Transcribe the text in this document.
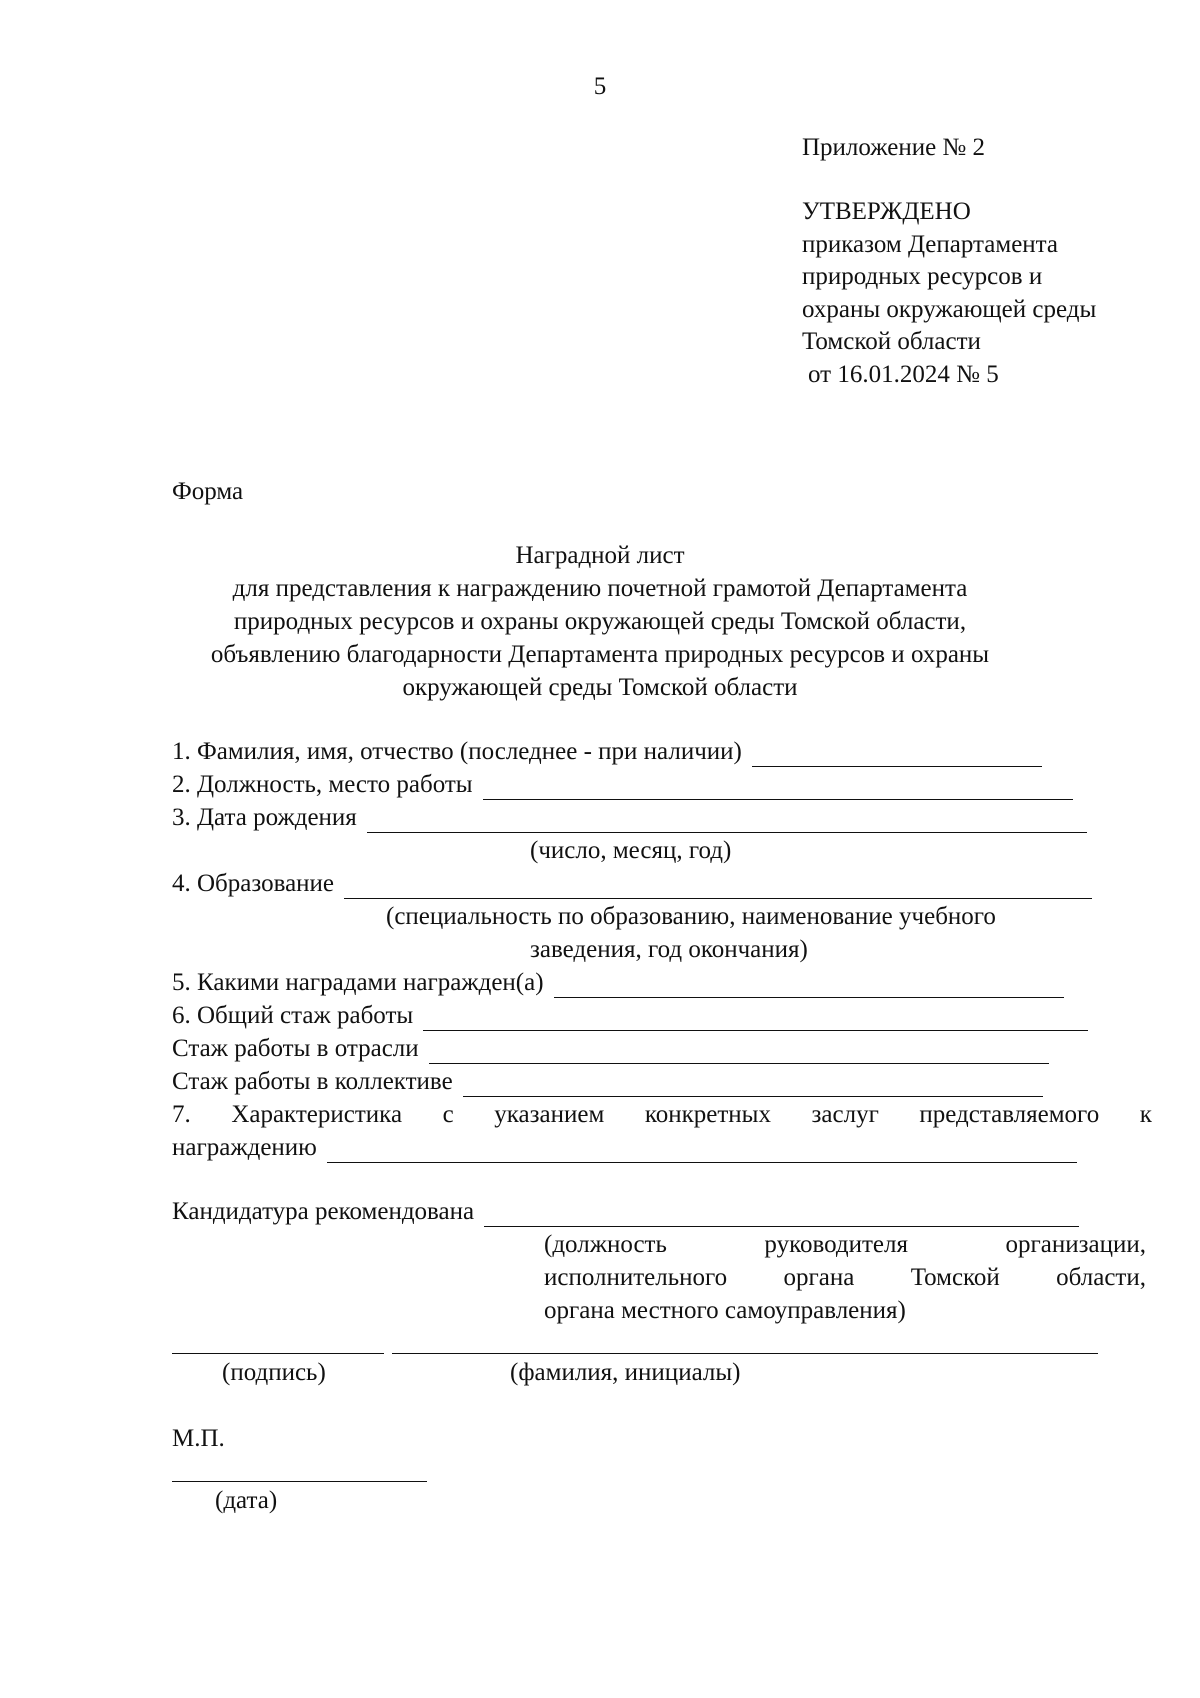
5
Приложение № 2
УТВЕРЖДЕНО
приказом Департамента
природных ресурсов и
охраны окружающей среды
Томской области
от 16.01.2024 № 5
Форма
Наградной лист
для представления к награждению почетной грамотой Департамента
природных ресурсов и охраны окружающей среды Томской области,
объявлению благодарности Департамента природных ресурсов и охраны
окружающей среды Томской области
1. Фамилия, имя, отчество (последнее - при наличии)
2. Должность, место работы
3. Дата рождения
(число, месяц, год)
4. Образование
(специальность по образованию, наименование учебного
заведения, год окончания)
5. Какими наградами награжден(а)
6. Общий стаж работы
Стаж работы в отрасли
Стаж работы в коллективе
7. Характеристика с указанием конкретных заслуг представляемого к
награждению
Кандидатура рекомендована
(должность	руководителя	организации,
исполнительного органа Томской области,
органа местного самоуправления)
(подпись)	(фамилия, инициалы)
М.П.
(дата)
